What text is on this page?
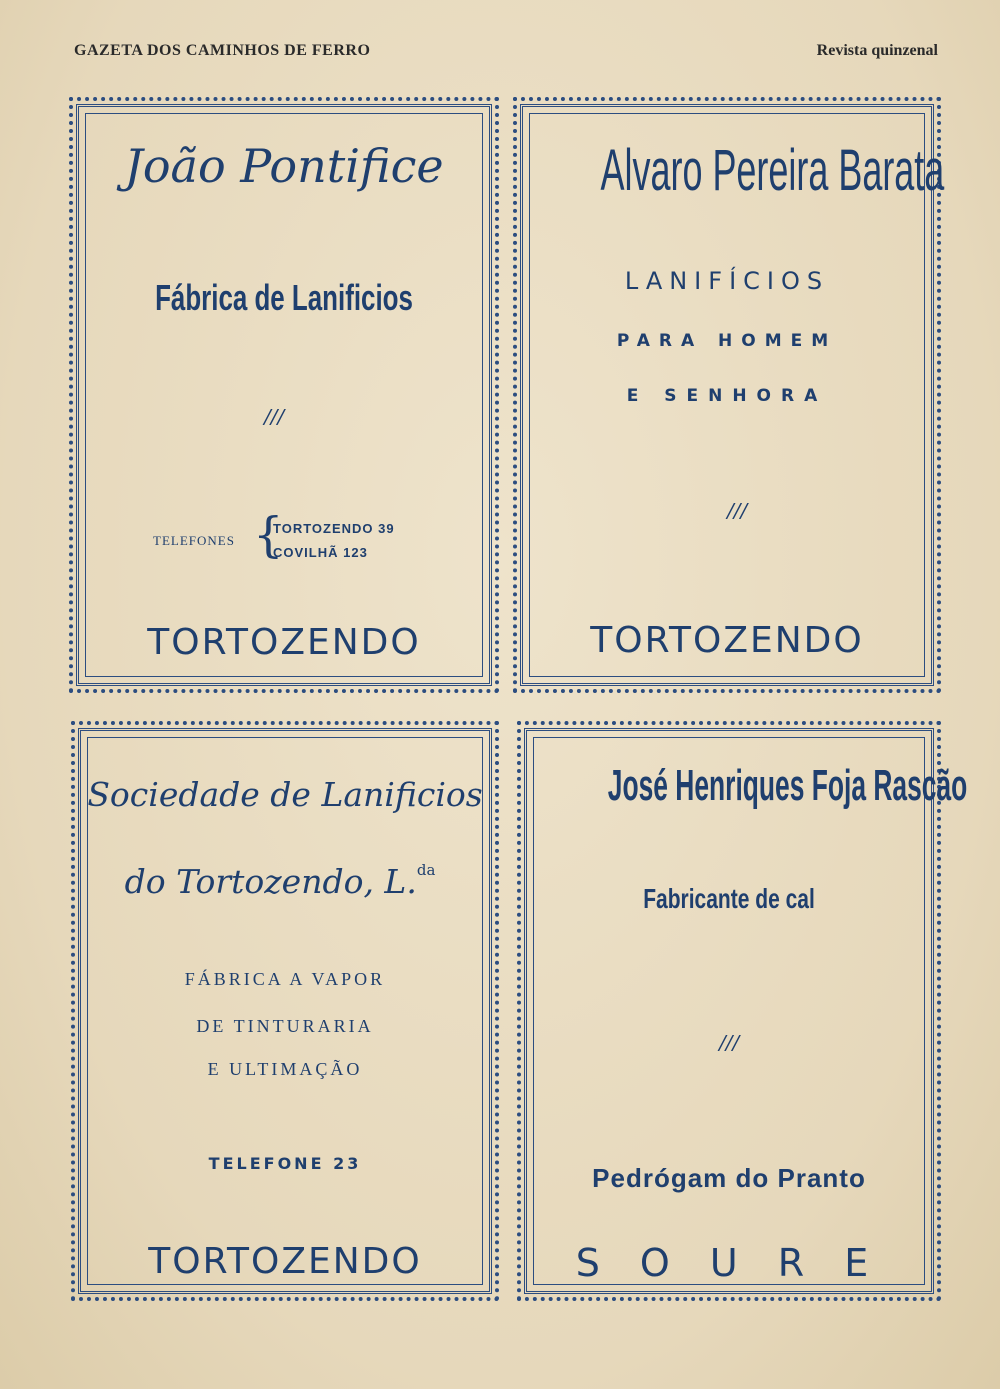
GAZETA DOS CAMINHOS DE FERRO	Revista quinzenal
João Pontifice
Fábrica de Lanificios
///
TELEFONES {
TORTOZENDO 39
COVILHÃ 123
TORTOZENDO
Alvaro Pereira Barata
LANIFÍCIOS
PARA HOMEM
E SENHORA
///
TORTOZENDO
Sociedade de Lanificios
do Tortozendo, L.$^{da}$
FÁBRICA A VAPOR
DE TINTURARIA
E ULTIMAÇÃO
TELEFONE 23
TORTOZENDO
José Henriques Foja Rascão
Fabricante de cal
///
Pedrógam do Pranto
S O U R E
